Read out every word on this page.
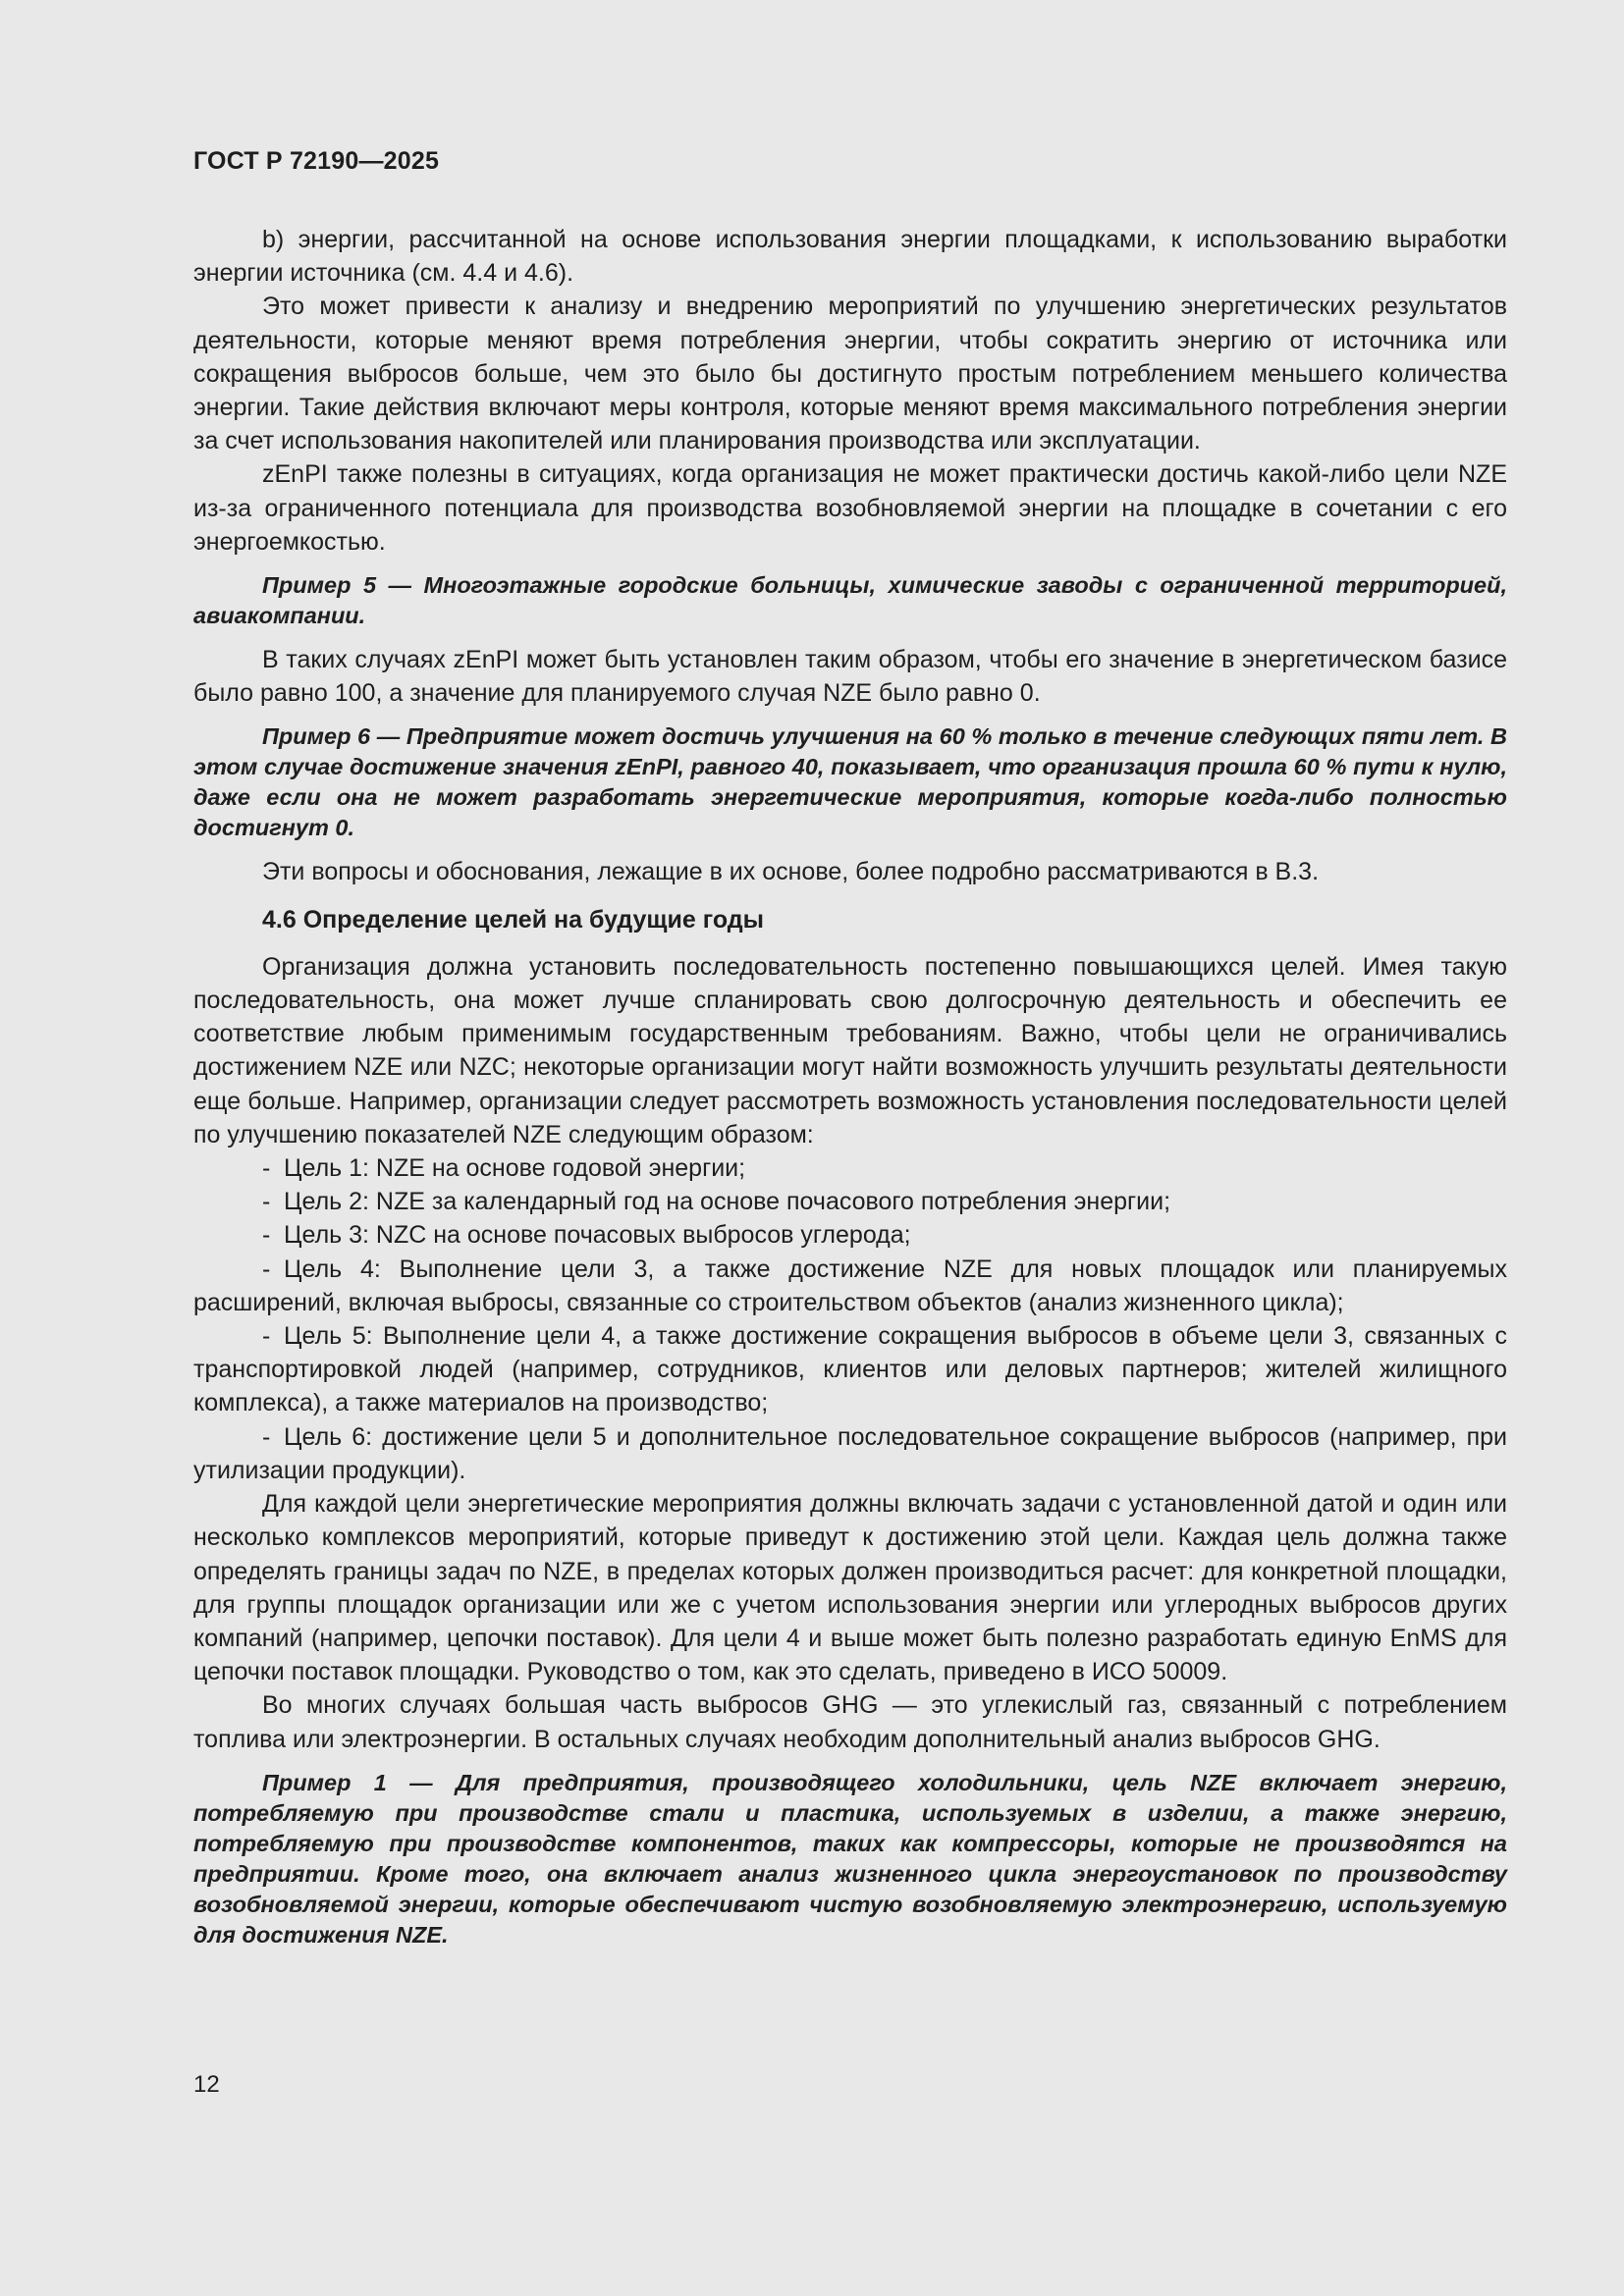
ГОСТ Р 72190—2025

b) энергии, рассчитанной на основе использования энергии площадками, к использованию выработки энергии источника (см. 4.4 и 4.6).

Это может привести к анализу и внедрению мероприятий по улучшению энергетических результатов деятельности, которые меняют время потребления энергии, чтобы сократить энергию от источника или сокращения выбросов больше, чем это было бы достигнуто простым потреблением меньшего количества энергии. Такие действия включают меры контроля, которые меняют время максимального потребления энергии за счет использования накопителей или планирования производства или эксплуатации.

zEnPI также полезны в ситуациях, когда организация не может практически достичь какой-либо цели NZE из-за ограниченного потенциала для производства возобновляемой энергии на площадке в сочетании с его энергоемкостью.

Пример 5 — Многоэтажные городские больницы, химические заводы с ограниченной территорией, авиакомпании.

В таких случаях zEnPI может быть установлен таким образом, чтобы его значение в энергетическом базисе было равно 100, а значение для планируемого случая NZE было равно 0.

Пример 6 — Предприятие может достичь улучшения на 60 % только в течение следующих пяти лет. В этом случае достижение значения zEnPI, равного 40, показывает, что организация прошла 60 % пути к нулю, даже если она не может разработать энергетические мероприятия, которые когда-либо полностью достигнут 0.

Эти вопросы и обоснования, лежащие в их основе, более подробно рассматриваются в B.3.

4.6 Определение целей на будущие годы

Организация должна установить последовательность постепенно повышающихся целей. Имея такую последовательность, она может лучше спланировать свою долгосрочную деятельность и обеспечить ее соответствие любым применимым государственным требованиям. Важно, чтобы цели не ограничивались достижением NZE или NZC; некоторые организации могут найти возможность улучшить результаты деятельности еще больше. Например, организации следует рассмотреть возможность установления последовательности целей по улучшению показателей NZE следующим образом:

- Цель 1: NZE на основе годовой энергии;

- Цель 2: NZE за календарный год на основе почасового потребления энергии;

- Цель 3: NZC на основе почасовых выбросов углерода;

- Цель 4: Выполнение цели 3, а также достижение NZE для новых площадок или планируемых расширений, включая выбросы, связанные со строительством объектов (анализ жизненного цикла);

- Цель 5: Выполнение цели 4, а также достижение сокращения выбросов в объеме цели 3, связанных с транспортировкой людей (например, сотрудников, клиентов или деловых партнеров; жителей жилищного комплекса), а также материалов на производство;

- Цель 6: достижение цели 5 и дополнительное последовательное сокращение выбросов (например, при утилизации продукции).

Для каждой цели энергетические мероприятия должны включать задачи с установленной датой и один или несколько комплексов мероприятий, которые приведут к достижению этой цели. Каждая цель должна также определять границы задач по NZE, в пределах которых должен производиться расчет: для конкретной площадки, для группы площадок организации или же с учетом использования энергии или углеродных выбросов других компаний (например, цепочки поставок). Для цели 4 и выше может быть полезно разработать единую EnMS для цепочки поставок площадки. Руководство о том, как это сделать, приведено в ИСО 50009.

Во многих случаях большая часть выбросов GHG — это углекислый газ, связанный с потреблением топлива или электроэнергии. В остальных случаях необходим дополнительный анализ выбросов GHG.

Пример 1 — Для предприятия, производящего холодильники, цель NZE включает энергию, потребляемую при производстве стали и пластика, используемых в изделии, а также энергию, потребляемую при производстве компонентов, таких как компрессоры, которые не производятся на предприятии. Кроме того, она включает анализ жизненного цикла энергоустановок по производству возобновляемой энергии, которые обеспечивают чистую возобновляемую электроэнергию, используемую для достижения NZE.

12
